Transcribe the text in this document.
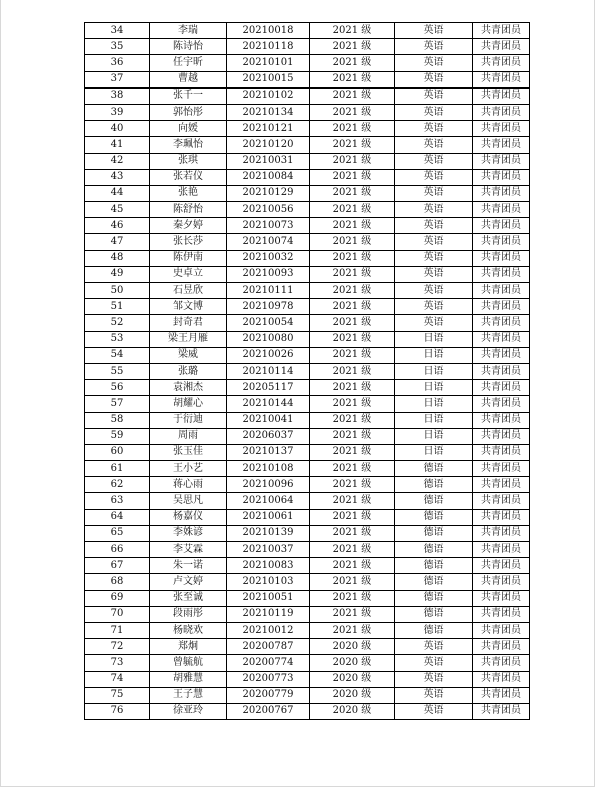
34	李瑞	20210018	2021 级	英语	共青团员
35	陈诗怡	20210118	2021 级	英语	共青团员
36	任宇昕	20210101	2021 级	英语	共青团员
37	曹越	20210015	2021 级	英语	共青团员
38	张千一	20210102	2021 级	英语	共青团员
39	郭怡彤	20210134	2021 级	英语	共青团员
40	向媛	20210121	2021 级	英语	共青团员
41	李珮怡	20210120	2021 级	英语	共青团员
42	张琪	20210031	2021 级	英语	共青团员
43	张若仪	20210084	2021 级	英语	共青团员
44	张艳	20210129	2021 级	英语	共青团员
45	陈舒怡	20210056	2021 级	英语	共青团员
46	秦夕婷	20210073	2021 级	英语	共青团员
47	张长莎	20210074	2021 级	英语	共青团员
48	陈伊南	20210032	2021 级	英语	共青团员
49	史卓立	20210093	2021 级	英语	共青团员
50	石昱欣	20210111	2021 级	英语	共青团员
51	邹文博	20210978	2021 级	英语	共青团员
52	封奇君	20210054	2021 级	英语	共青团员
53	梁王月雁	20210080	2021 级	日语	共青团员
54	梁威	20210026	2021 级	日语	共青团员
55	张璐	20210114	2021 级	日语	共青团员
56	袁湘杰	20205117	2021 级	日语	共青团员
57	胡耀心	20210144	2021 级	日语	共青团员
58	于衍迪	20210041	2021 级	日语	共青团员
59	周雨	20206037	2021 级	日语	共青团员
60	张玉佳	20210137	2021 级	日语	共青团员
61	王小艺	20210108	2021 级	德语	共青团员
62	蒋心雨	20210096	2021 级	德语	共青团员
63	吴思凡	20210064	2021 级	德语	共青团员
64	杨嘉仪	20210061	2021 级	德语	共青团员
65	李姝谚	20210139	2021 级	德语	共青团员
66	李艾霖	20210037	2021 级	德语	共青团员
67	朱一诺	20210083	2021 级	德语	共青团员
68	卢文婷	20210103	2021 级	德语	共青团员
69	张至诚	20210051	2021 级	德语	共青团员
70	段雨彤	20210119	2021 级	德语	共青团员
71	杨晓欢	20210012	2021 级	德语	共青团员
72	郑炯	20200787	2020 级	英语	共青团员
73	曾毓航	20200774	2020 级	英语	共青团员
74	胡雅慧	20200773	2020 级	英语	共青团员
75	王子慧	20200779	2020 级	英语	共青团员
76	徐亚玲	20200767	2020 级	英语	共青团员
